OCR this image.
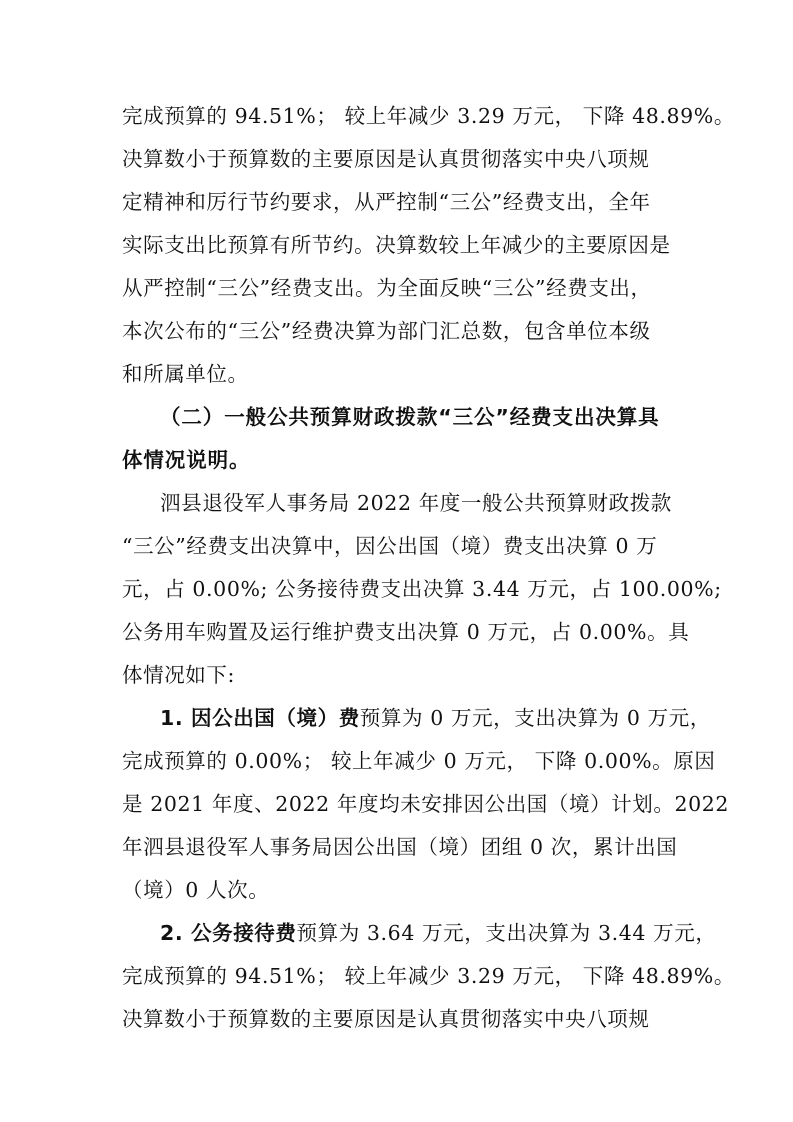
完成预算的 94.51%； 较上年减少 3.29 万元， 下降 48.89%。
决算数小于预算数的主要原因是认真贯彻落实中央八项规
定精神和厉行节约要求，从严控制“三公”经费支出，全年
实际支出比预算有所节约。决算数较上年减少的主要原因是
从严控制“三公”经费支出。为全面反映“三公”经费支出，
本次公布的“三公”经费决算为部门汇总数，包含单位本级
和所属单位。
（二）一般公共预算财政拨款“三公”经费支出决算具
体情况说明。
泗县退役军人事务局 2022 年度一般公共预算财政拨款
“三公”经费支出决算中，因公出国（境）费支出决算 0 万
元，占 0.00%; 公务接待费支出决算 3.44 万元，占 100.00%;
公务用车购置及运行维护费支出决算 0 万元，占 0.00%。具
体情况如下:
1. 因公出国（境）费预算为 0 万元，支出决算为 0 万元，
完成预算的 0.00%； 较上年减少 0 万元， 下降 0.00%。原因
是 2021 年度、2022 年度均未安排因公出国（境）计划。2022
年泗县退役军人事务局因公出国（境）团组 0 次，累计出国
（境）0 人次。
2. 公务接待费预算为 3.64 万元，支出决算为 3.44 万元，
完成预算的 94.51%； 较上年减少 3.29 万元， 下降 48.89%。
决算数小于预算数的主要原因是认真贯彻落实中央八项规
